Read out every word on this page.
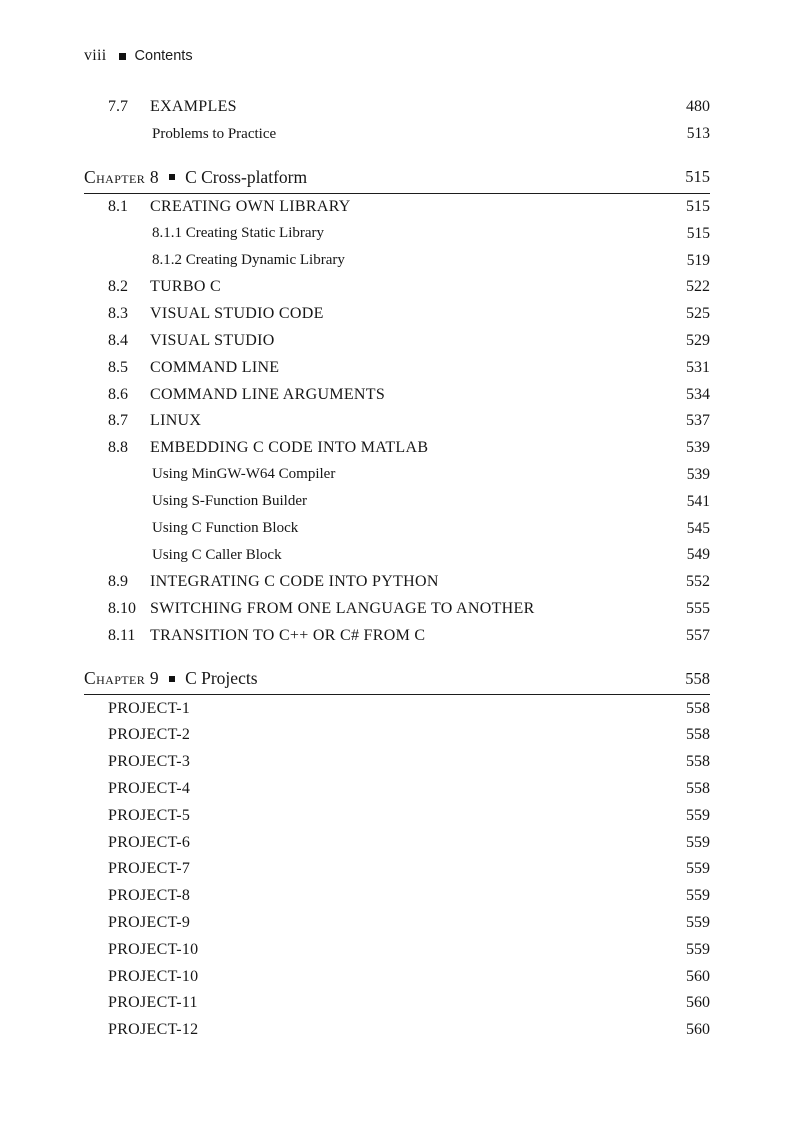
viii Contents
7.7	EXAMPLES	480
Problems to Practice	513
Chapter 8 C Cross-platform	515
8.1	CREATING OWN LIBRARY	515
8.1.1 Creating Static Library	515
8.1.2 Creating Dynamic Library	519
8.2	TURBO C	522
8.3	VISUAL STUDIO CODE	525
8.4	VISUAL STUDIO	529
8.5	COMMAND LINE	531
8.6	COMMAND LINE ARGUMENTS	534
8.7	LINUX	537
8.8	EMBEDDING C CODE INTO MATLAB	539
Using MinGW-W64 Compiler	539
Using S-Function Builder	541
Using C Function Block	545
Using C Caller Block	549
8.9	INTEGRATING C CODE INTO PYTHON	552
8.10 SWITCHING FROM ONE LANGUAGE TO ANOTHER	555
8.11 TRANSITION TO C++ OR C# FROM C	557
Chapter 9 C Projects	558
PROJECT-1	558
PROJECT-2	558
PROJECT-3	558
PROJECT-4	558
PROJECT-5	559
PROJECT-6	559
PROJECT-7	559
PROJECT-8	559
PROJECT-9	559
PROJECT-10	559
PROJECT-10	560
PROJECT-11	560
PROJECT-12	560
